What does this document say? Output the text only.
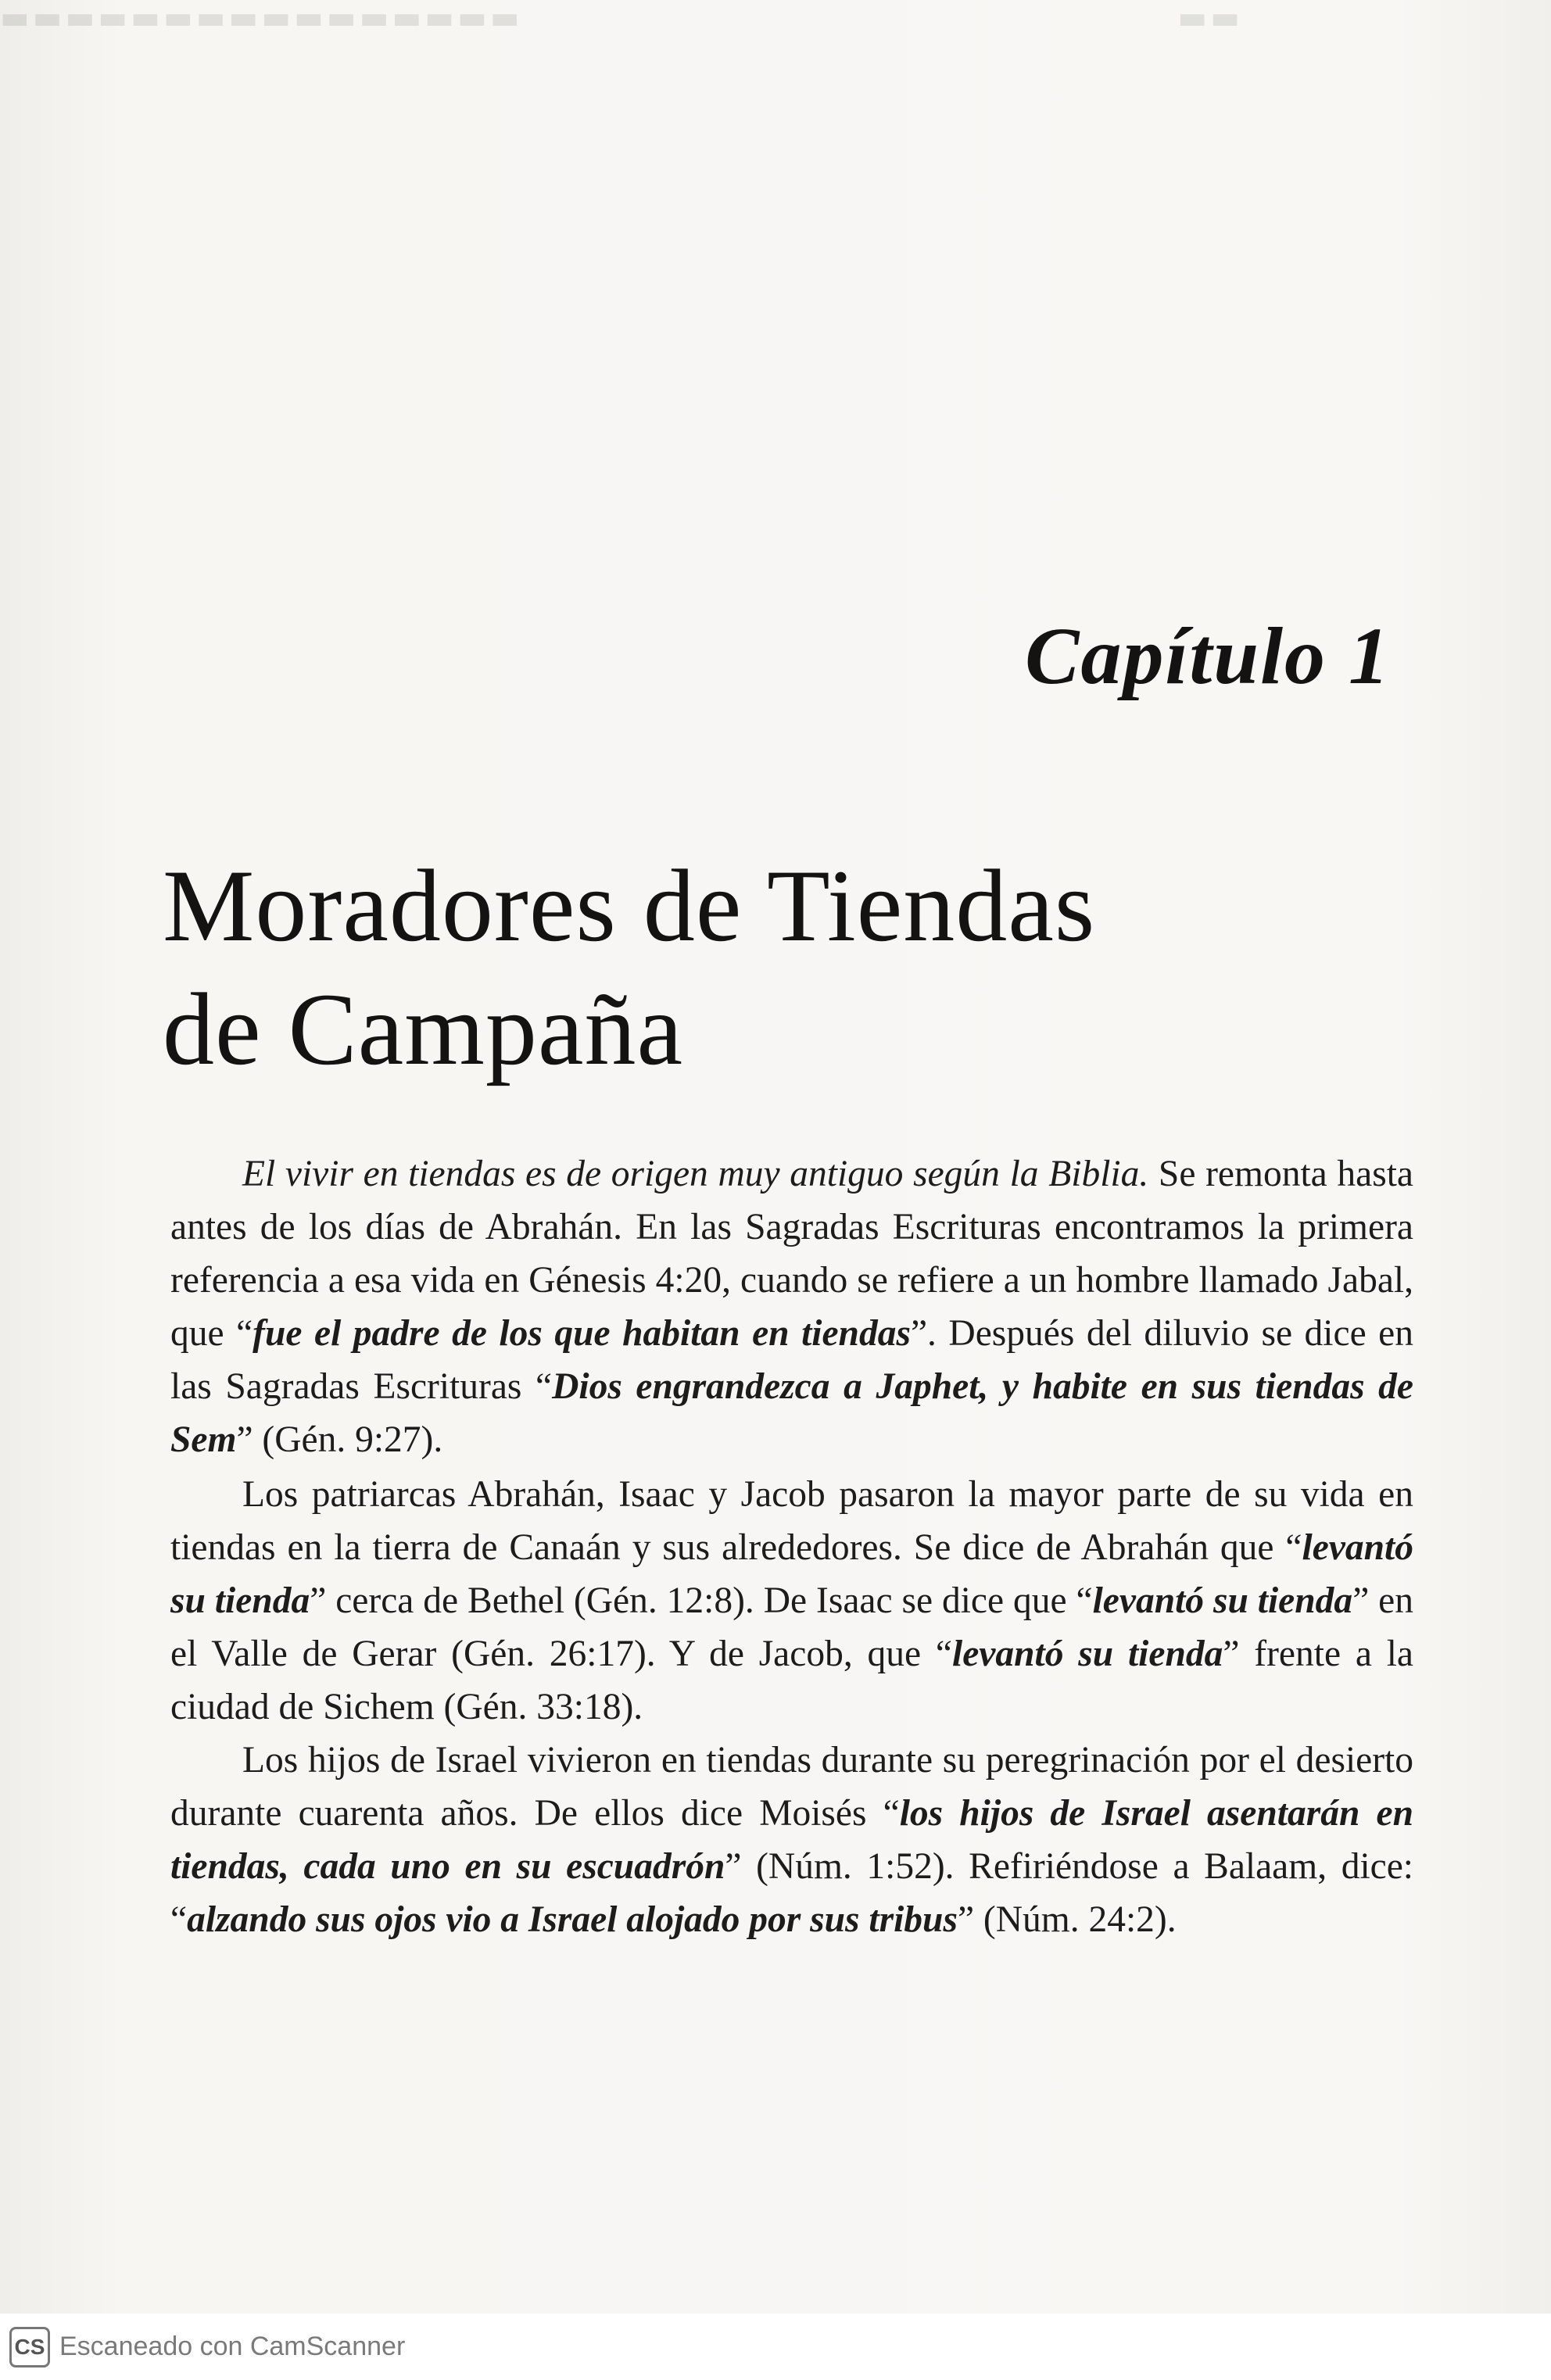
▬▬▬▬▬▬▬▬▬▬▬▬▬▬▬▬	▬▬
Capítulo 1
Moradores de Tiendas
de Campaña

El vivir en tiendas es de origen muy antiguo según la Biblia. Se remonta hasta antes de los días de Abrahán. En las Sagradas Escrituras encontramos la primera referencia a esa vida en Génesis 4:20, cuando se refiere a un hombre llamado Jabal, que “fue el padre de los que habitan en tiendas”. Después del diluvio se dice en las Sagradas Escrituras “Dios engrandezca a Japhet, y habite en sus tiendas de Sem” (Gén. 9:27).

Los patriarcas Abrahán, Isaac y Jacob pasaron la mayor parte de su vida en tiendas en la tierra de Canaán y sus alrededores. Se dice de Abrahán que “levantó su tienda” cerca de Bethel (Gén. 12:8). De Isaac se dice que “levantó su tienda” en el Valle de Gerar (Gén. 26:17). Y de Jacob, que “levantó su tienda” frente a la ciudad de Sichem (Gén. 33:18).

Los hijos de Israel vivieron en tiendas durante su peregrinación por el desierto durante cuarenta años. De ellos dice Moisés “los hijos de Israel asentarán en tiendas, cada uno en su escuadrón” (Núm. 1:52). Refiriéndose a Balaam, dice: “alzando sus ojos vio a Israel alojado por sus tribus” (Núm. 24:2).

CS Escaneado con CamScanner
